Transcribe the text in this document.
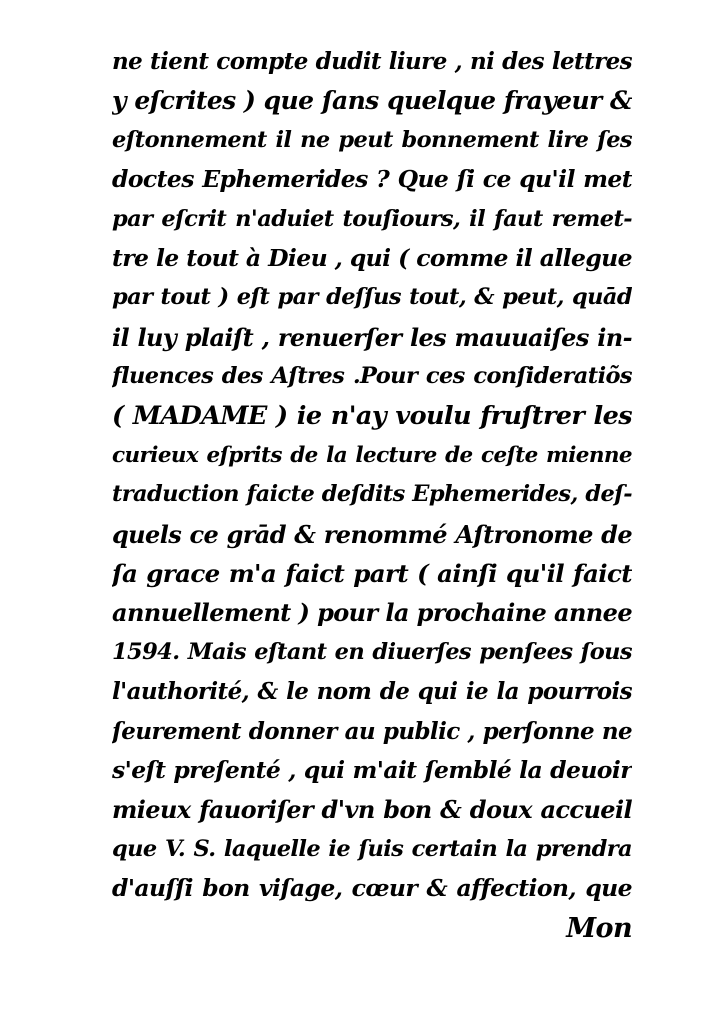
ne tient compte dudit liure , ni des lettres
y eſcrites ) que ſans quelque frayeur &
eſtonnement il ne peut bonnement lire ſes
doctes Ephemerides ? Que ſi ce qu'il met
par eſcrit n'aduiet touſiours, il faut remet-
tre le tout à Dieu , qui ( comme il allegue
par tout ) eſt par deſſus tout, & peut, quād
il luy plaiſt , renuerſer les mauuaiſes in-
fluences des Aſtres .Pour ces conſideratiõs
( MADAME ) ie n'ay voulu fruſtrer les
curieux eſprits de la lecture de ceſte mienne
traduction faicte deſdits Ephemerides, deſ-
quels ce grād & renommé Aſtronome de
ſa grace m'a faict part ( ainſi qu'il faict
annuellement ) pour la prochaine annee
1594. Mais eſtant en diuerſes penſees ſous
l'authorité, & le nom de qui ie la pourrois
ſeurement donner au public , perſonne ne
s'eſt preſenté , qui m'ait ſemblé la deuoir
mieux fauoriſer d'vn bon & doux accueil
que V. S. laquelle ie ſuis certain la prendra
d'auſſi bon viſage, cœur & affection, que
Mon
